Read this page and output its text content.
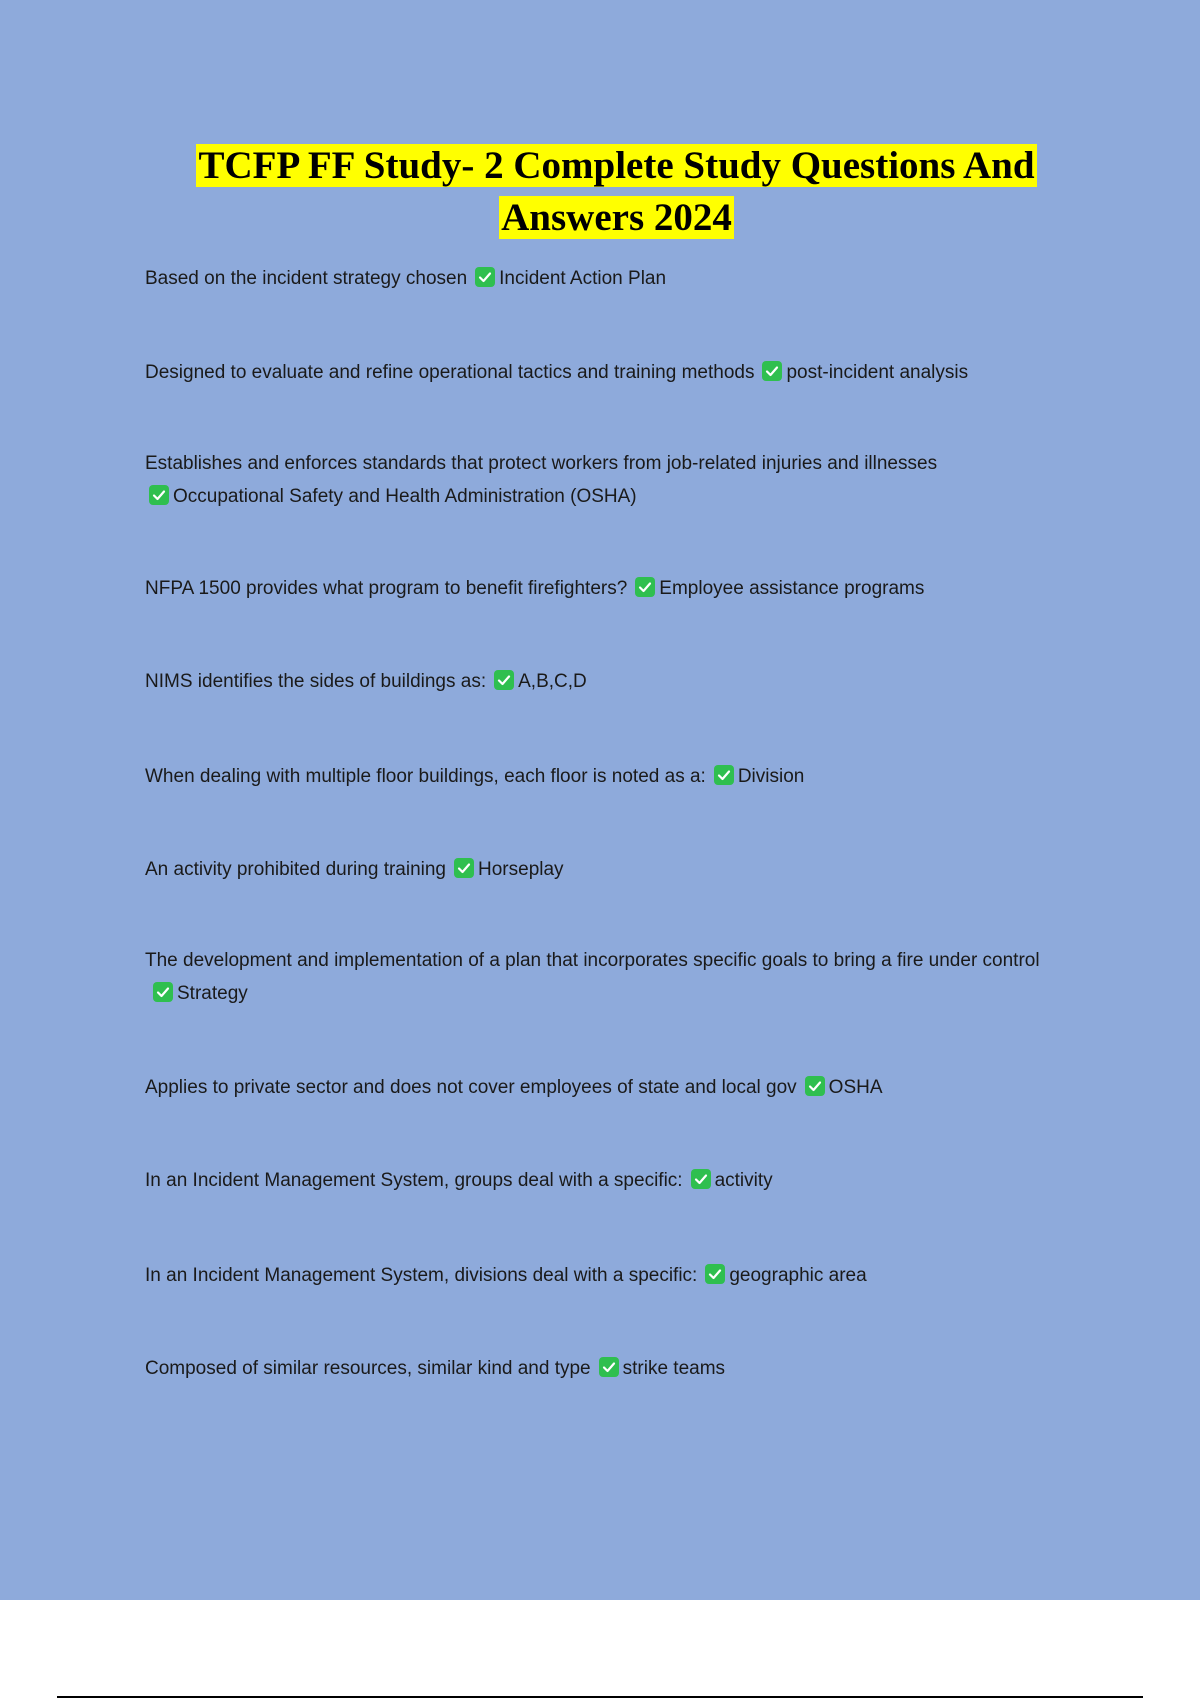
TCFP FF Study- 2 Complete Study Questions And
Answers 2024
Based on the incident strategy chosen Incident Action Plan
Designed to evaluate and refine operational tactics and training methods post-incident analysis
Establishes and enforces standards that protect workers from job-related injuries and illnesses

Occupational Safety and Health Administration (OSHA)
NFPA 1500 provides what program to benefit firefighters? Employee assistance programs
NIMS identifies the sides of buildings as: A,B,C,D
When dealing with multiple floor buildings, each floor is noted as a: Division
An activity prohibited during training Horseplay
The development and implementation of a plan that incorporates specific goals to bring a fire under control
Strategy
Applies to private sector and does not cover employees of state and local gov OSHA
In an Incident Management System, groups deal with a specific: activity
In an Incident Management System, divisions deal with a specific: geographic area
Composed of similar resources, similar kind and type strike teams
